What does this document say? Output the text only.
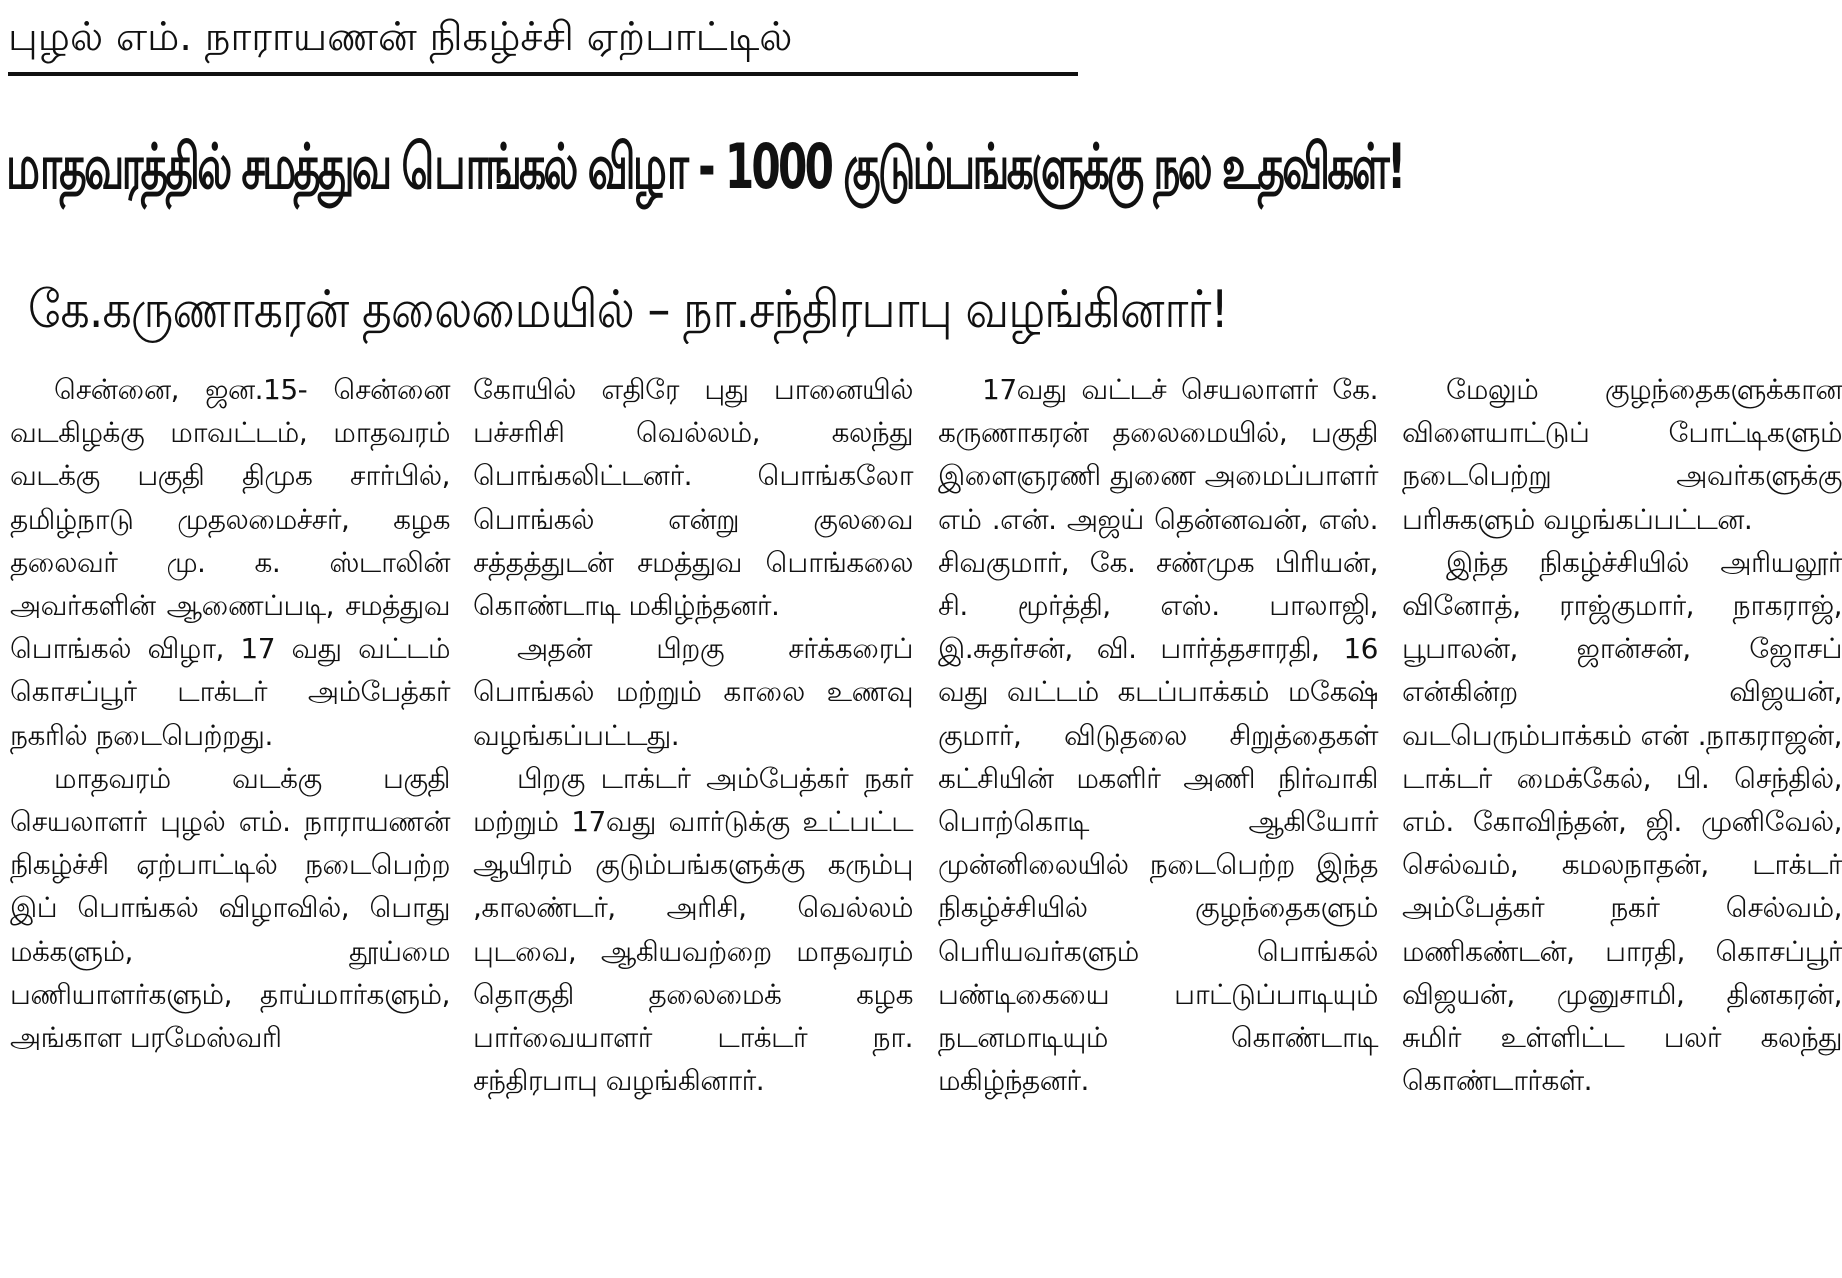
புழல் எம். நாராயணன் நிகழ்ச்சி ஏற்பாட்டில்
மாதவரத்தில் சமத்துவ பொங்கல் விழா - 1000 குடும்பங்களுக்கு நல உதவிகள்!
கே.கருணாகரன் தலைமையில் – நா.சந்திரபாபு வழங்கினார்!

சென்னை, ஜன.15- சென்னை வடகிழக்கு மாவட்டம், மாதவரம் வடக்கு பகுதி திமுக சார்பில், தமிழ்நாடு முதலமைச்சர், கழக தலைவர் மு. க. ஸ்டாலின் அவர்களின் ஆணைப்படி, சமத்துவ பொங்கல் விழா, 17 வது வட்டம் கொசப்பூர் டாக்டர் அம்பேத்கர் நகரில் நடைபெற்றது.

மாதவரம் வடக்கு பகுதி செயலாளர் புழல் எம். நாராயணன் நிகழ்ச்சி ஏற்பாட்டில் நடைபெற்ற இப் பொங்கல் விழாவில், பொது மக்களும், தூய்மை பணியாளர்களும், தாய்மார்களும், அங்காள பரமேஸ்வரி

கோயில் எதிரே புது பானையில் பச்சரிசி வெல்லம், கலந்து பொங்கலிட்டனர். பொங்கலோ பொங்கல் என்று குலவை சத்தத்துடன் சமத்துவ பொங்கலை கொண்டாடி மகிழ்ந்தனர்.

அதன் பிறகு சர்க்கரைப் பொங்கல் மற்றும் காலை உணவு வழங்கப்பட்டது.

பிறகு டாக்டர் அம்பேத்கர் நகர் மற்றும் 17வது வார்டுக்கு உட்பட்ட ஆயிரம் குடும்பங்களுக்கு கரும்பு ,காலண்டர், அரிசி, வெல்லம் புடவை, ஆகியவற்றை மாதவரம் தொகுதி தலைமைக் கழக பார்வையாளர் டாக்டர் நா. சந்திரபாபு வழங்கினார்.

17வது வட்டச் செயலாளர் கே. கருணாகரன் தலைமையில், பகுதி இளைஞரணி துணை அமைப்பாளர் எம் .என். அஜய் தென்னவன், எஸ். சிவகுமார், கே. சண்முக பிரியன், சி. மூர்த்தி, எஸ். பாலாஜி, இ.சுதர்சன், வி. பார்த்தசாரதி, 16 வது வட்டம் கடப்பாக்கம் மகேஷ் குமார், விடுதலை சிறுத்தைகள் கட்சியின் மகளிர் அணி நிர்வாகி பொற்கொடி ஆகியோர் முன்னிலையில் நடைபெற்ற இந்த நிகழ்ச்சியில் குழந்தைகளும் பெரியவர்களும் பொங்கல் பண்டிகையை பாட்டுப்பாடியும் நடனமாடியும் கொண்டாடி மகிழ்ந்தனர்.

மேலும் குழந்தைகளுக்கான விளையாட்டுப் போட்டிகளும் நடைபெற்று அவர்களுக்கு பரிசுகளும் வழங்கப்பட்டன.

இந்த நிகழ்ச்சியில் அரியலூர் வினோத், ராஜ்குமார், நாகராஜ், பூபாலன், ஜான்சன், ஜோசப் என்கின்ற விஜயன், வடபெரும்பாக்கம் என் .நாகராஜன், டாக்டர் மைக்கேல், பி. செந்தில், எம். கோவிந்தன், ஜி. முனிவேல், செல்வம், கமலநாதன், டாக்டர் அம்பேத்கர் நகர் செல்வம், மணிகண்டன், பாரதி, கொசப்பூர் விஜயன், முனுசாமி, தினகரன், சுமிர் உள்ளிட்ட பலர் கலந்து கொண்டார்கள்.
